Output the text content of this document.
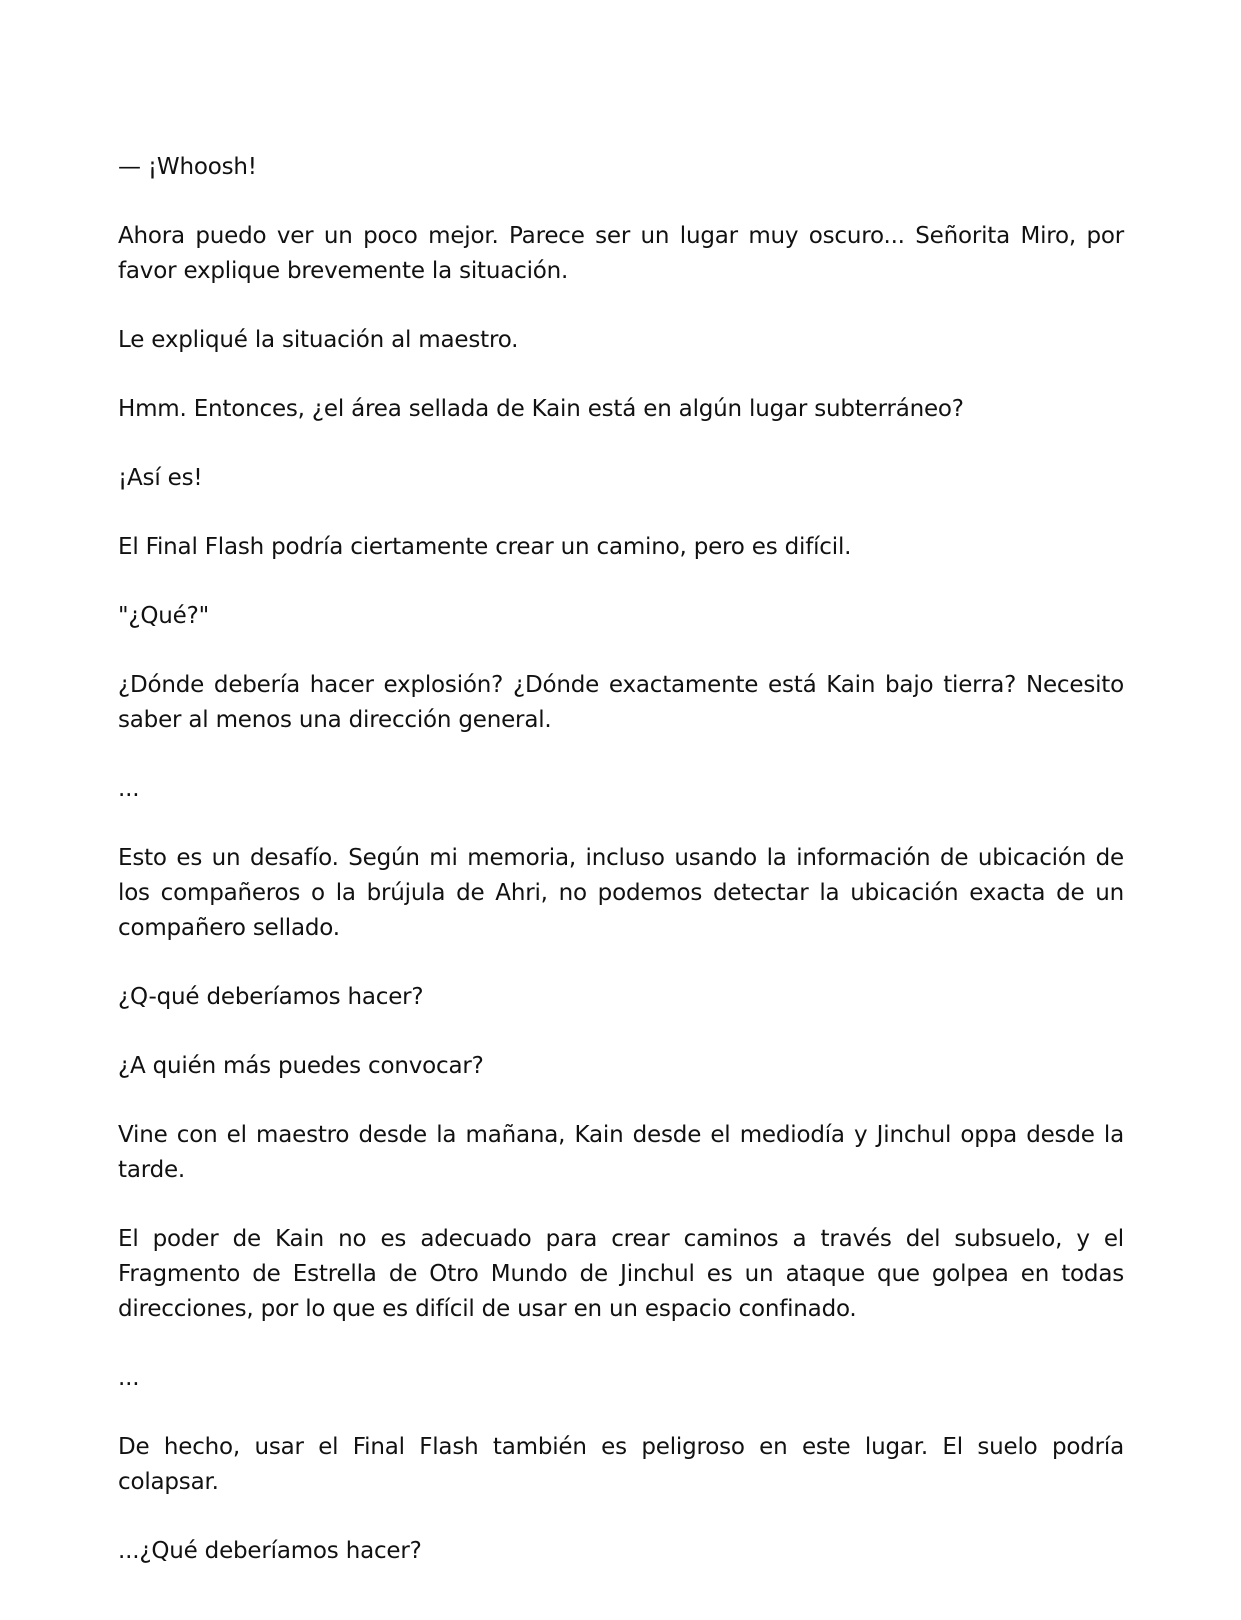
— ¡Whoosh!

Ahora puedo ver un poco mejor. Parece ser un lugar muy oscuro... Señorita Miro, por favor explique brevemente la situación.

Le expliqué la situación al maestro.

Hmm. Entonces, ¿el área sellada de Kain está en algún lugar subterráneo?

¡Así es!

El Final Flash podría ciertamente crear un camino, pero es difícil.

"¿Qué?"

¿Dónde debería hacer explosión? ¿Dónde exactamente está Kain bajo tierra? Necesito saber al menos una dirección general.

...

Esto es un desafío. Según mi memoria, incluso usando la información de ubicación de los compañeros o la brújula de Ahri, no podemos detectar la ubicación exacta de un compañero sellado.

¿Q-qué deberíamos hacer?

¿A quién más puedes convocar?

Vine con el maestro desde la mañana, Kain desde el mediodía y Jinchul oppa desde la tarde.

El poder de Kain no es adecuado para crear caminos a través del subsuelo, y el Fragmento de Estrella de Otro Mundo de Jinchul es un ataque que golpea en todas direcciones, por lo que es difícil de usar en un espacio confinado.

...

De hecho, usar el Final Flash también es peligroso en este lugar. El suelo podría colapsar.

...¿Qué deberíamos hacer?
